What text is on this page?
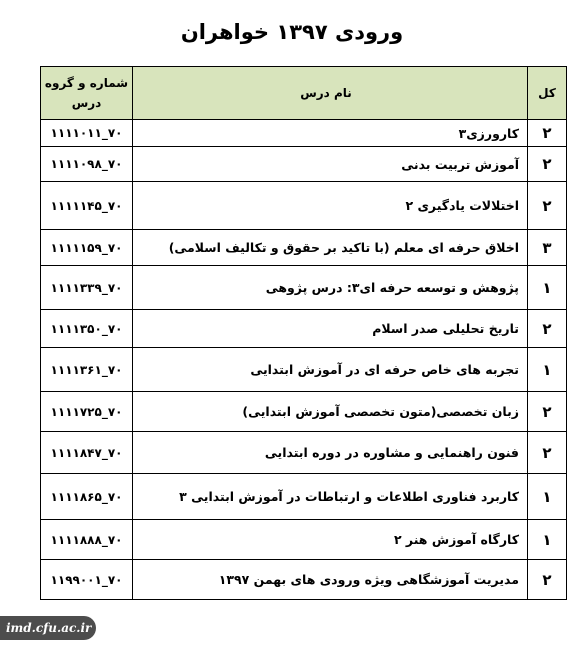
ورودی ۱۳۹۷ خواهران
کل
نام درس
شماره و گروه درس
۲
کارورزی۳
۱۱۱۱۰۱۱_۷۰
۲
آموزش تربیت بدنی
۱۱۱۱۰۹۸_۷۰
۲
اختلالات یادگیری ۲
۱۱۱۱۱۴۵_۷۰
۳
اخلاق حرفه ای معلم (با تاکید بر حقوق و تکالیف اسلامی)
۱۱۱۱۱۵۹_۷۰
۱
پژوهش و توسعه حرفه ای۳: درس پژوهی
۱۱۱۱۳۳۹_۷۰
۲
تاریخ تحلیلی صدر اسلام
۱۱۱۱۳۵۰_۷۰
۱
تجربه های خاص حرفه ای در آموزش ابتدایی
۱۱۱۱۳۶۱_۷۰
۲
زبان تخصصی(متون تخصصی آموزش ابتدایی)
۱۱۱۱۷۲۵_۷۰
۲
فنون راهنمایی و مشاوره در دوره ابتدایی
۱۱۱۱۸۴۷_۷۰
۱
کاربرد فناوری اطلاعات و ارتباطات در آموزش ابتدایی ۳
۱۱۱۱۸۶۵_۷۰
۱
کارگاه آموزش هنر ۲
۱۱۱۱۸۸۸_۷۰
۲
مدیریت آموزشگاهی ویژه ورودی های بهمن ۱۳۹۷
۱۱۹۹۰۰۱_۷۰
imd.cfu.ac.ir
